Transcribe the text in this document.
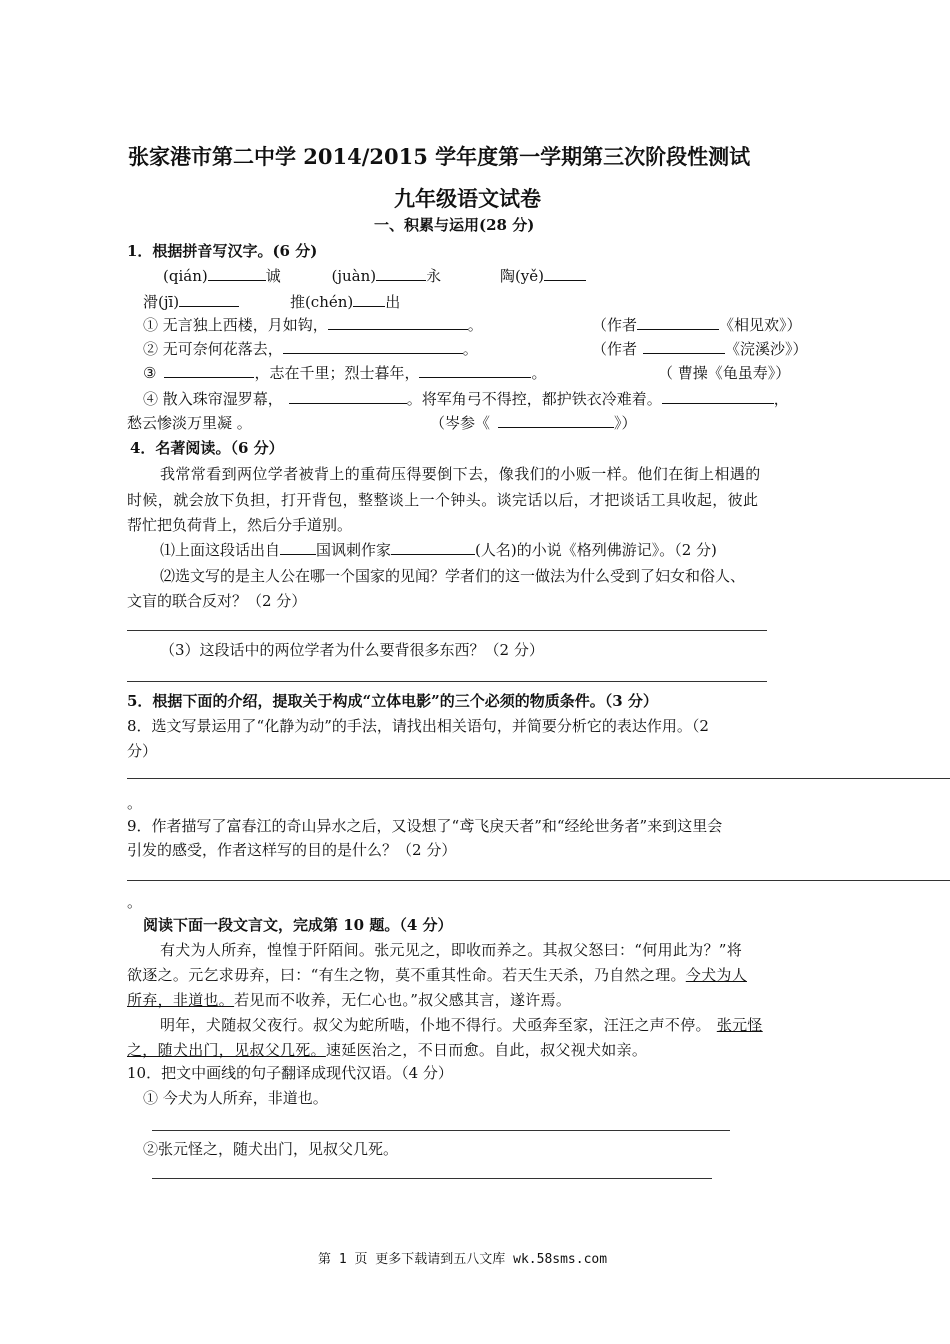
张家港市第二中学 2014/2015 学年度第一学期第三次阶段性测试
九年级语文试卷
一、积累与运用(28 分)
1．根据拼音写汉字。(6 分)
(qián)	诚	(juàn)	永	陶(yě)
滑(jī)	推(chén) 出
① 无言独上西楼，月如钩，	。	（作者	《相见欢》）
② 无可奈何花落去，	。	（作者	《浣溪沙》）
③	，志在千里；烈士暮年，	。	（ 曹操《龟虽寿》）
④ 散入珠帘湿罗幕，	。将军角弓不得控，都护铁衣冷难着。	，
愁云惨淡万里凝 。	（岑参《	》）
4．名著阅读。（6 分）
我常常看到两位学者被背上的重荷压得要倒下去，像我们的小贩一样。他们在街上相遇的
时候，就会放下负担，打开背包，整整谈上一个钟头。谈完话以后，才把谈话工具收起，彼此
帮忙把负荷背上，然后分手道别。
⑴上面这段话出自 国讽刺作家	(人名)的小说《格列佛游记》。（2 分)
⑵选文写的是主人公在哪一个国家的见闻？学者们的这一做法为什么受到了妇女和俗人、
文盲的联合反对？（2 分）
（3）这段话中的两位学者为什么要背很多东西？（2 分）
5．根据下面的介绍，提取关于构成“立体电影”的三个必须的物质条件。（3 分）
8．选文写景运用了“化静为动”的手法，请找出相关语句，并简要分析它的表达作用。（2
分）
。
9．作者描写了富春江的奇山异水之后，又设想了“鸢飞戾天者”和“经纶世务者”来到这里会
引发的感受，作者这样写的目的是什么？（2 分）
。
阅读下面一段文言文，完成第 10 题。（4 分）
有犬为人所弃，惶惶于阡陌间。张元见之，即收而养之。其叔父怒曰：“何用此为？”将
欲逐之。元乞求毋弃，曰：“有生之物，莫不重其性命。若天生天杀，乃自然之理。今犬为人
所弃，非道也。若见而不收养，无仁心也。”叔父感其言，遂许焉。
明年，犬随叔父夜行。叔父为蛇所啮，仆地不得行。犬亟奔至家，汪汪之声不停。 张元怪
之，随犬出门，见叔父几死。速延医治之，不日而愈。自此，叔父视犬如亲。
10．把文中画线的句子翻译成现代汉语。（4 分）
① 今犬为人所弃，非道也。
②张元怪之，随犬出门，见叔父几死。
第 1 页 更多下载请到五八文库 wk.58sms.com
